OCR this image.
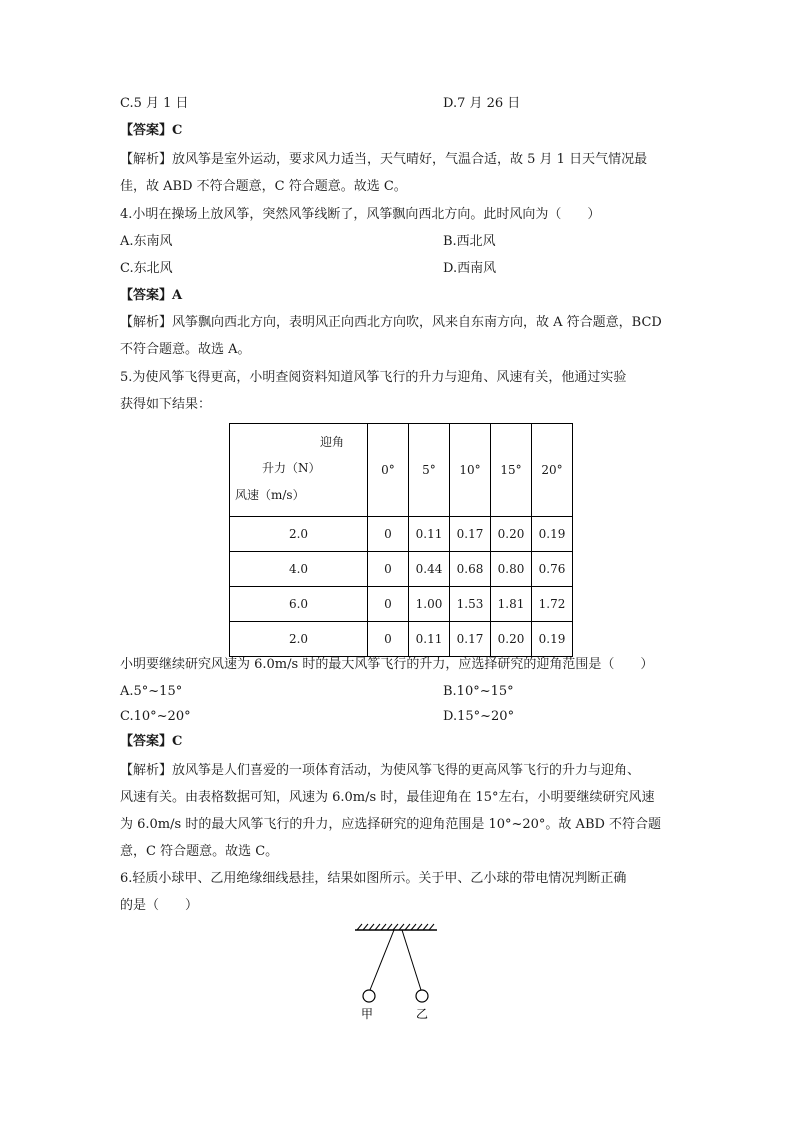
C.5 月 1 日	D.7 月 26 日
【答案】C
【解析】放风筝是室外运动，要求风力适当，天气晴好，气温合适，故 5 月 1 日天气情况最
佳，故 ABD 不符合题意，C 符合题意。故选 C。
4.小明在操场上放风筝，突然风筝线断了，风筝飘向西北方向。此时风向为（　　）
A.东南风	B.西北风
C.东北风	D.西南风
【答案】A
【解析】风筝飘向西北方向，表明风正向西北方向吹，风来自东南方向，故 A 符合题意，BCD
不符合题意。故选 A。
5.为使风筝飞得更高，小明查阅资料知道风筝飞行的升力与迎角、风速有关，他通过实验
获得如下结果：
迎角
升力（N）
风速（m/s）	0°	5°	10°	15°	20°
2.0	0	0.11	0.17	0.20	0.19
4.0	0	0.44	0.68	0.80	0.76
6.0	0	1.00	1.53	1.81	1.72
2.0	0	0.11	0.17	0.20	0.19
小明要继续研究风速为 6.0m/s 时的最大风筝飞行的升力，应选择研究的迎角范围是（　　）
A.5°~15°	B.10°~15°
C.10°~20°	D.15°~20°
【答案】C
【解析】放风筝是人们喜爱的一项体育活动，为使风筝飞得的更高风筝飞行的升力与迎角、
风速有关。由表格数据可知，风速为 6.0m/s 时，最佳迎角在 15°左右，小明要继续研究风速
为 6.0m/s 时的最大风筝飞行的升力，应选择研究的迎角范围是 10°~20°。故 ABD 不符合题
意，C 符合题意。故选 C。
6.轻质小球甲、乙用绝缘细线悬挂，结果如图所示。关于甲、乙小球的带电情况判断正确
的是（　　）
甲	乙
